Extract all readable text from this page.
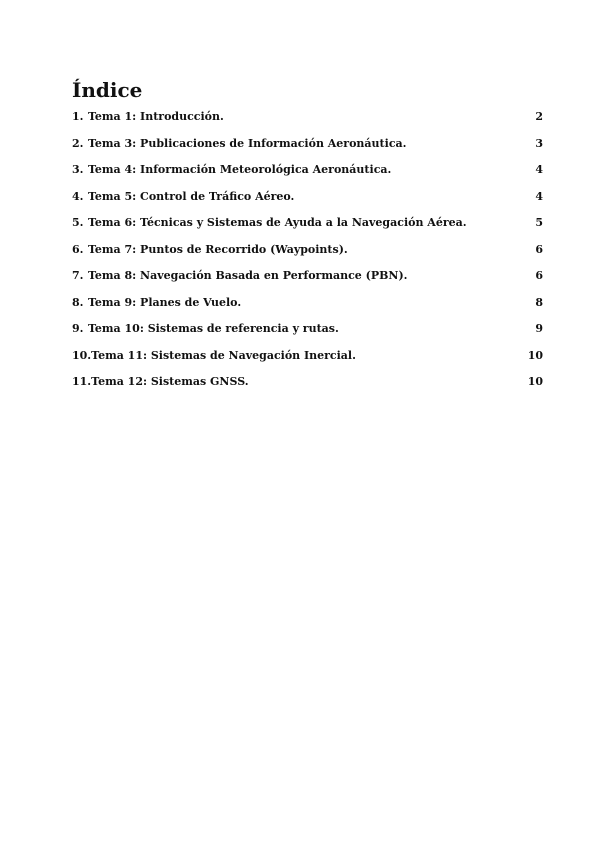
Índice
1. Tema 1: Introducción.	2
2. Tema 3: Publicaciones de Información Aeronáutica.	3
3. Tema 4: Información Meteorológica Aeronáutica.	4
4. Tema 5: Control de Tráfico Aéreo.	4
5. Tema 6: Técnicas y Sistemas de Ayuda a la Navegación Aérea.	5
6. Tema 7: Puntos de Recorrido (Waypoints).	6
7. Tema 8: Navegación Basada en Performance (PBN).	6
8. Tema 9: Planes de Vuelo.	8
9. Tema 10: Sistemas de referencia y rutas.	9
10. Tema 11: Sistemas de Navegación Inercial.	10
11. Tema 12: Sistemas GNSS.	10
